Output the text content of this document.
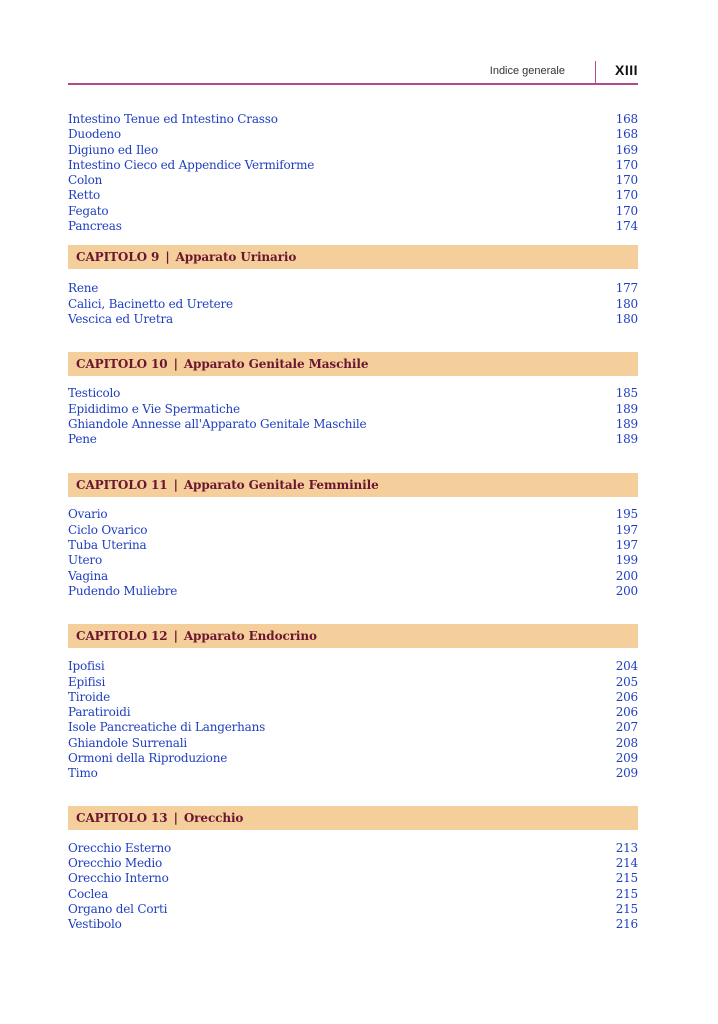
Indice generale	XIII
Intestino Tenue ed Intestino Crasso	168
Duodeno	168
Digiuno ed Ileo	169
Intestino Cieco ed Appendice Vermiforme	170
Colon	170
Retto	170
Fegato	170
Pancreas	174
CAPITOLO 9 | Apparato Urinario
Rene	177
Calici, Bacinetto ed Uretere	180
Vescica ed Uretra	180
CAPITOLO 10 | Apparato Genitale Maschile
Testicolo	185
Epididimo e Vie Spermatiche	189
Ghiandole Annesse all'Apparato Genitale Maschile	189
Pene	189
CAPITOLO 11 | Apparato Genitale Femminile
Ovario	195
Ciclo Ovarico	197
Tuba Uterina	197
Utero	199
Vagina	200
Pudendo Muliebre	200
CAPITOLO 12 | Apparato Endocrino
Ipofisi	204
Epifisi	205
Tiroide	206
Paratiroidi	206
Isole Pancreatiche di Langerhans	207
Ghiandole Surrenali	208
Ormoni della Riproduzione	209
Timo	209
CAPITOLO 13 | Orecchio
Orecchio Esterno	213
Orecchio Medio	214
Orecchio Interno	215
Coclea	215
Organo del Corti	215
Vestibolo	216
